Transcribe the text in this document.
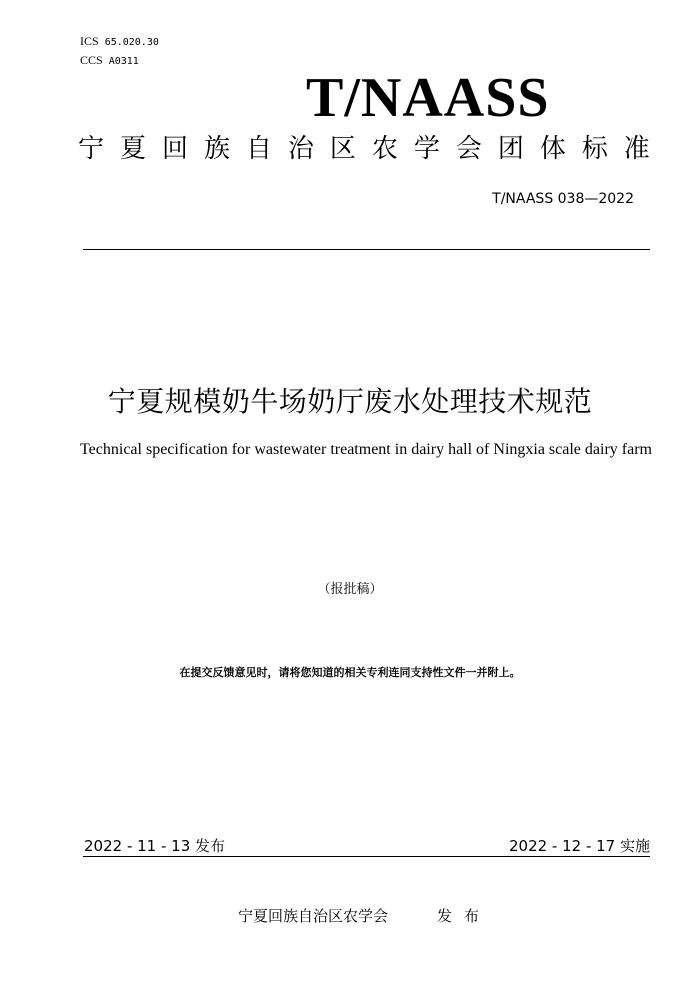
ICS 65.020.30
CCS A0311
T/NAASS
宁 夏 回 族 自 治 区 农 学 会 团 体 标 准
T/NAASS 038—2022
宁夏规模奶牛场奶厅废水处理技术规范
Technical specification for wastewater treatment in dairy hall of Ningxia scale dairy farm
（报批稿）
在提交反馈意见时，请将您知道的相关专利连同支持性文件一并附上。
2022 - 11 - 13 发布	2022 - 12 - 17 实施
宁夏回族自治区农学会	发布
